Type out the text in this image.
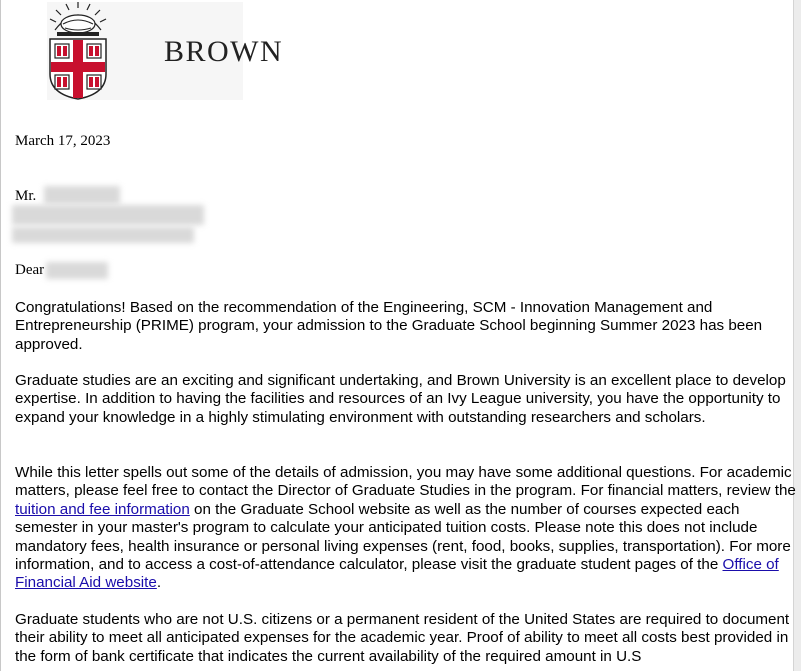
BROWN
March 17, 2023
Mr.
Dear

Congratulations! Based on the recommendation of the Engineering, SCM - Innovation Management and Entrepreneurship (PRIME) program, your admission to the Graduate School beginning Summer 2023 has been approved.

Graduate studies are an exciting and significant undertaking, and Brown University is an excellent place to develop expertise. In addition to having the facilities and resources of an Ivy League university, you have the opportunity to expand your knowledge in a highly stimulating environment with outstanding researchers and scholars.

While this letter spells out some of the details of admission, you may have some additional questions. For academic matters, please feel free to contact the Director of Graduate Studies in the program. For financial matters, review the tuition and fee information on the Graduate School website as well as the number of courses expected each semester in your master's program to calculate your anticipated tuition costs. Please note this does not include mandatory fees, health insurance or personal living expenses (rent, food, books, supplies, transportation). For more information, and to access a cost-of-attendance calculator, please visit the graduate student pages of the Office of Financial Aid website.

Graduate students who are not U.S. citizens or a permanent resident of the United States are required to document their ability to meet all anticipated expenses for the academic year. Proof of ability to meet all costs best provided in the form of bank certificate that indicates the current availability of the required amount in U.S
